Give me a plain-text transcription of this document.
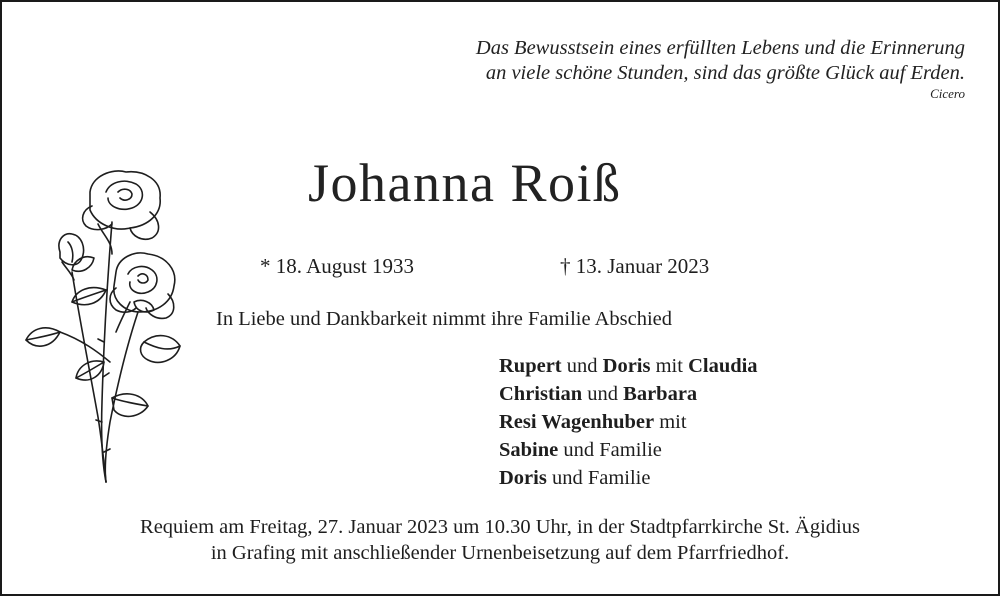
Das Bewusstsein eines erfüllten Lebens und die Erinnerung
an viele schöne Stunden, sind das größte Glück auf Erden.
Cicero
Johanna Roiß
* 18. August 1933	† 13. Januar 2023
In Liebe und Dankbarkeit nimmt ihre Familie Abschied
Rupert und Doris mit Claudia
Christian und Barbara
Resi Wagenhuber mit
Sabine und Familie
Doris und Familie
Requiem am Freitag, 27. Januar 2023 um 10.30 Uhr, in der Stadtpfarrkirche St. Ägidius
in Grafing mit anschließender Urnenbeisetzung auf dem Pfarrfriedhof.
